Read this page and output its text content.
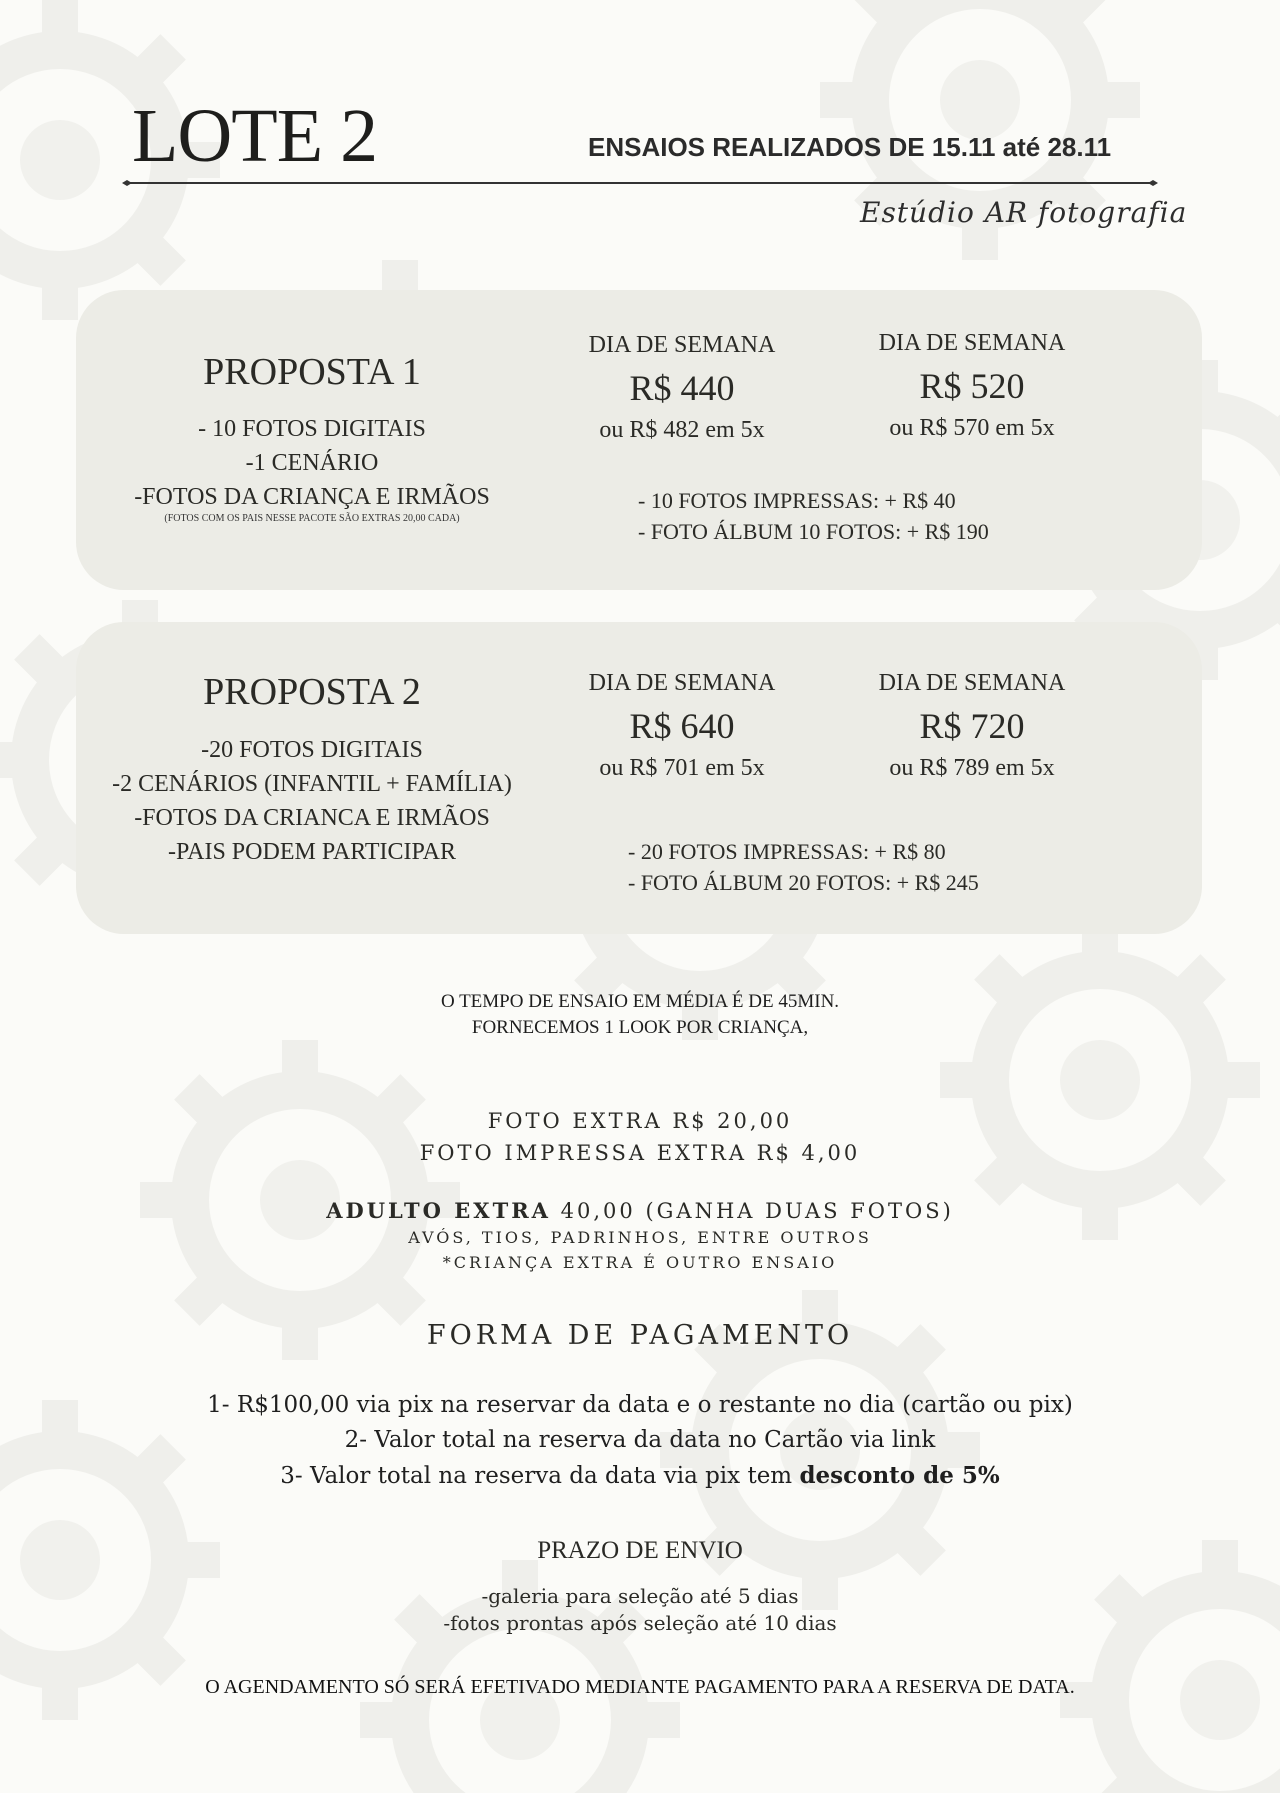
LOTE 2	ENSAIOS REALIZADOS DE 15.11 até 28.11
Estúdio AR fotografia
PROPOSTA 1
- 10 FOTOS DIGITAIS
-1 CENÁRIO
-FOTOS DA CRIANÇA E IRMÃOS
(FOTOS COM OS PAIS NESSE PACOTE SÃO EXTRAS 20,00 CADA)
DIA DE SEMANA
R$ 440
ou R$ 482 em 5x
DIA DE SEMANA
R$ 520
ou R$ 570 em 5x
- 10 FOTOS IMPRESSAS: + R$ 40
- FOTO ÁLBUM 10 FOTOS: + R$ 190
PROPOSTA 2
-20 FOTOS DIGITAIS
-2 CENÁRIOS (INFANTIL + FAMÍLIA)
-FOTOS DA CRIANCA E IRMÃOS
-PAIS PODEM PARTICIPAR
DIA DE SEMANA
R$ 640
ou R$ 701 em 5x
DIA DE SEMANA
R$ 720
ou R$ 789 em 5x
- 20 FOTOS IMPRESSAS: + R$ 80
- FOTO ÁLBUM 20 FOTOS: + R$ 245
O TEMPO DE ENSAIO EM MÉDIA É DE 45MIN.
FORNECEMOS 1 LOOK POR CRIANÇA,
FOTO EXTRA R$ 20,00
FOTO IMPRESSA EXTRA R$ 4,00
ADULTO EXTRA 40,00 (GANHA DUAS FOTOS)
AVÓS, TIOS, PADRINHOS, ENTRE OUTROS
*CRIANÇA EXTRA É OUTRO ENSAIO
FORMA DE PAGAMENTO
1- R$100,00 via pix na reservar da data e o restante no dia (cartão ou pix)
2- Valor total na reserva da data no Cartão via link
3- Valor total na reserva da data via pix tem desconto de 5%
PRAZO DE ENVIO
-galeria para seleção até 5 dias
-fotos prontas após seleção até 10 dias
O AGENDAMENTO SÓ SERÁ EFETIVADO MEDIANTE PAGAMENTO PARA A RESERVA DE DATA.
